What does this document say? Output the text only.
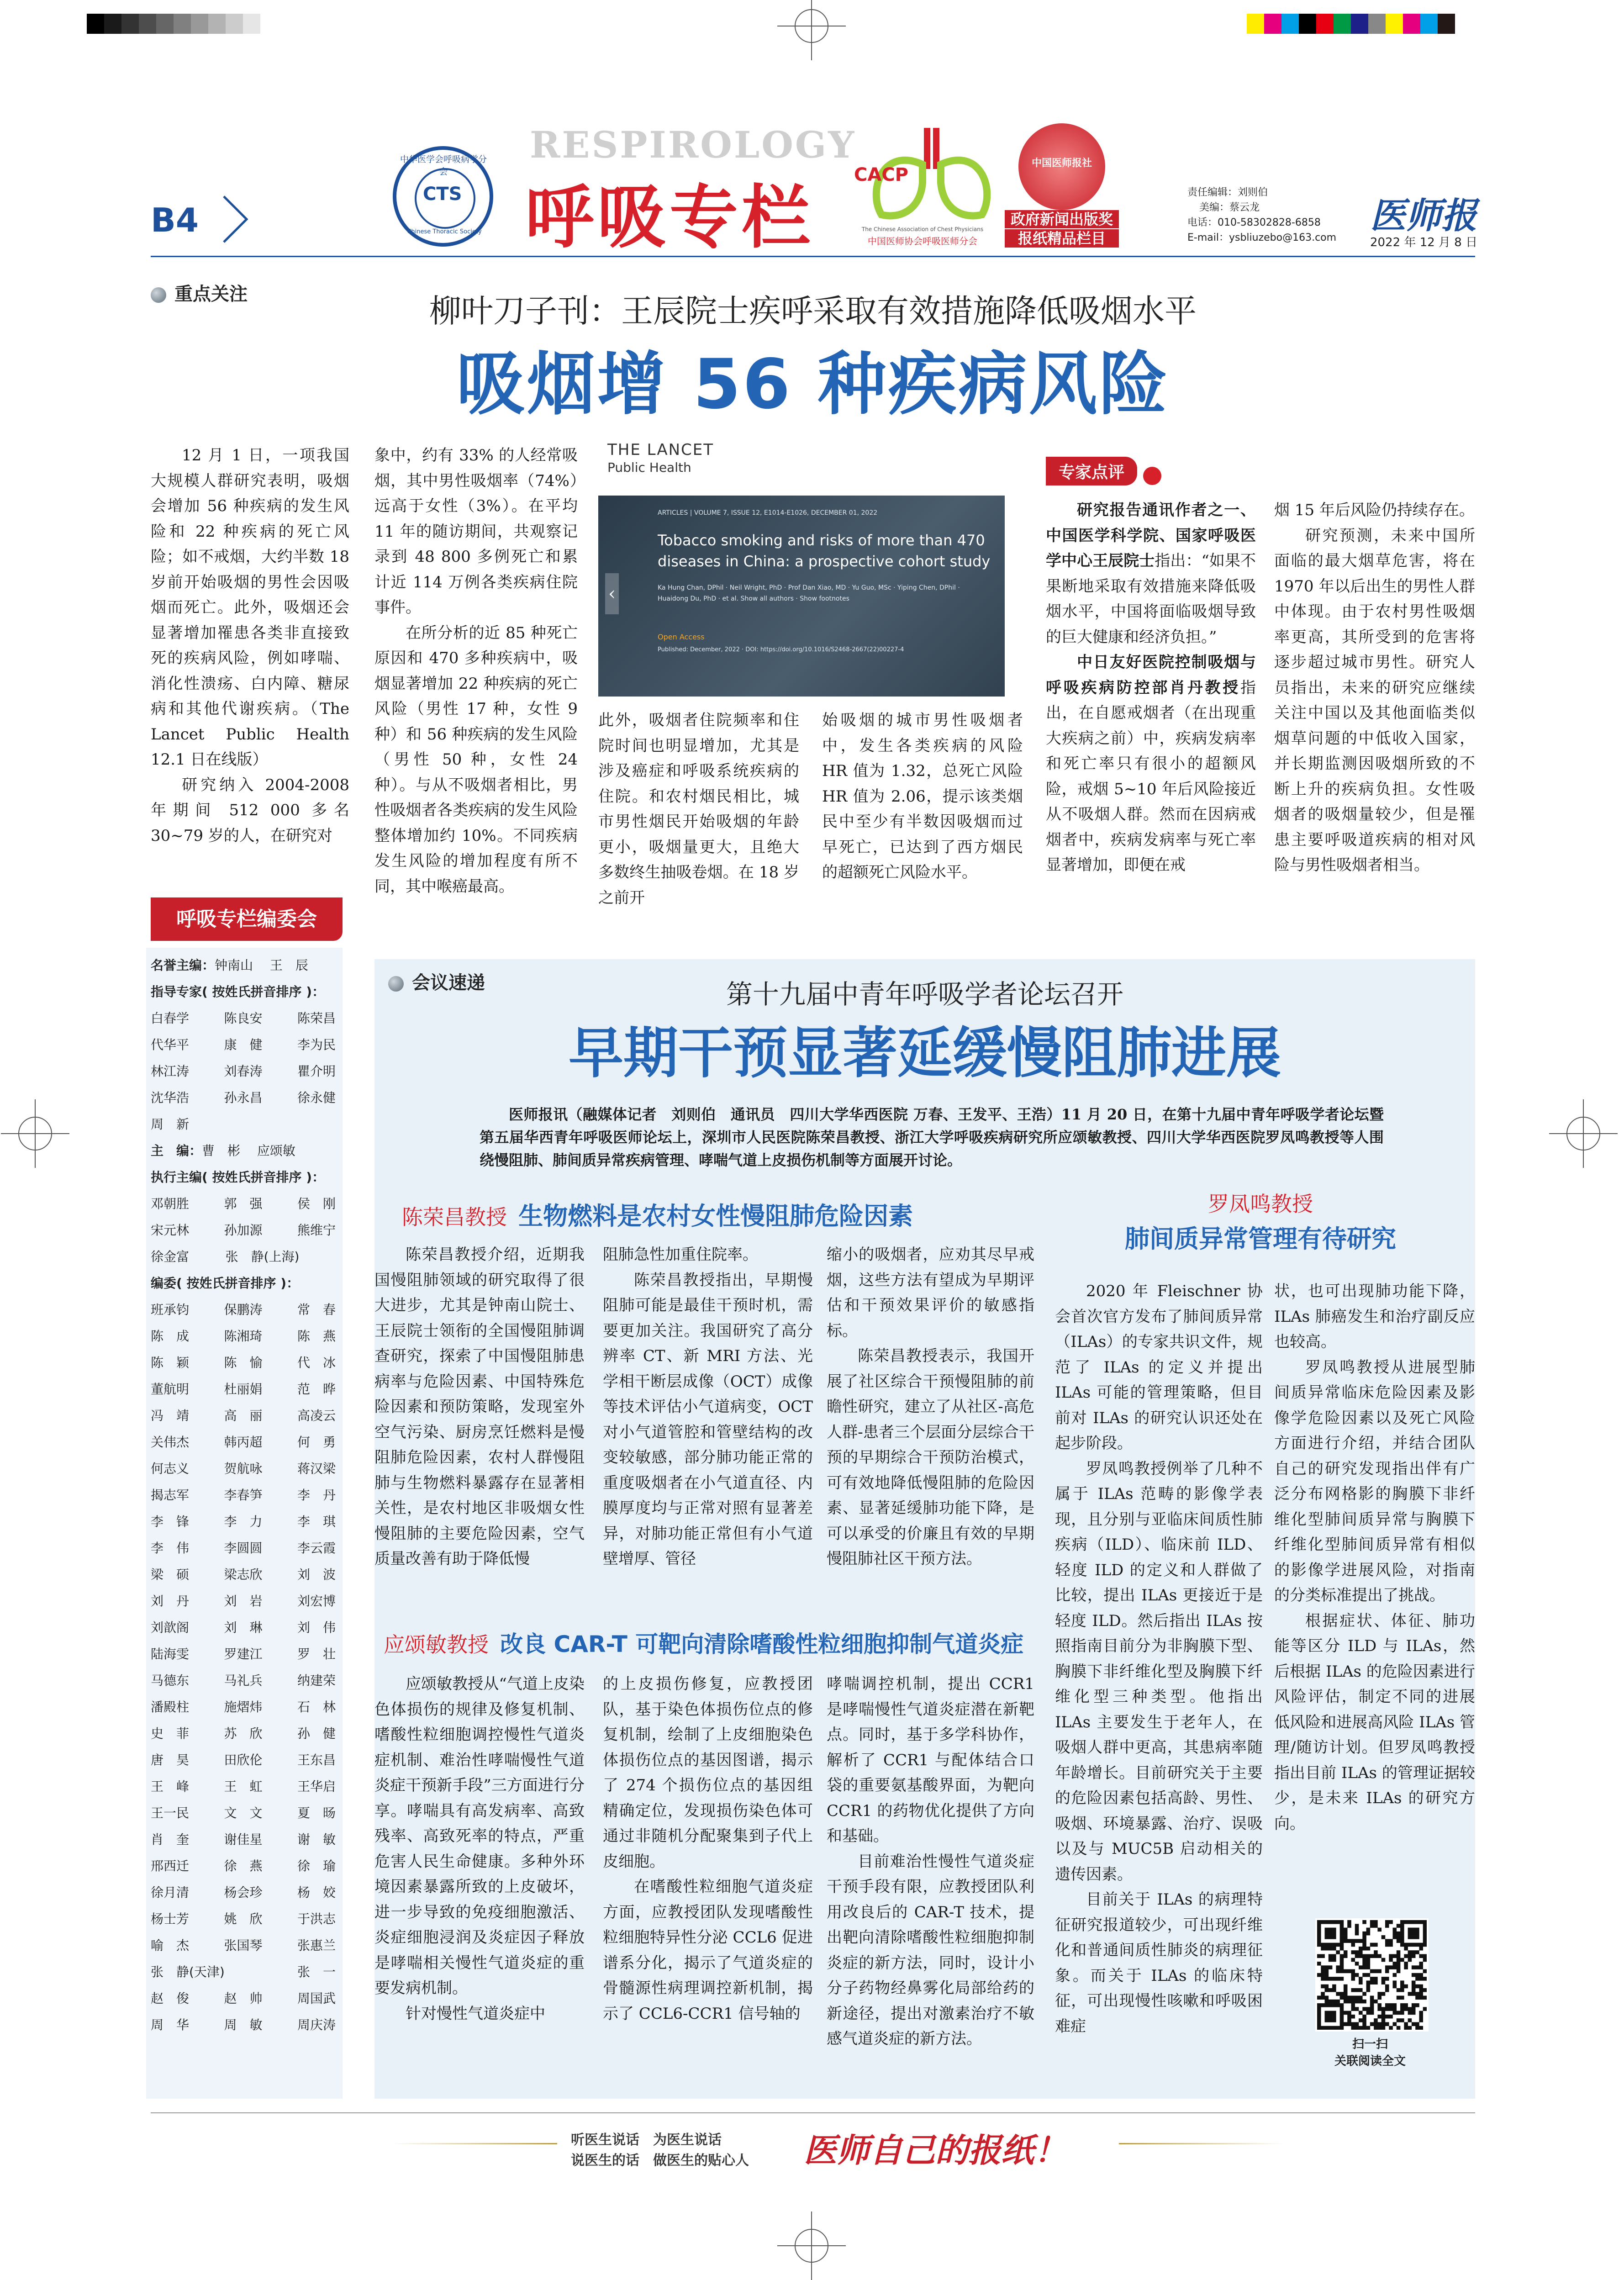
B4
CTS
中华医学会呼吸病学分会
Chinese Thoracic Society
RESPIROLOGY
呼吸专栏
CACP
The Chinese Association of Chest Physicians
中国医师协会呼吸医师分会
中国医师报社
政府新闻出版奖
报纸精品栏目
责任编辑：刘则伯
美编：蔡云龙
电话：010-58302828-6858
E-mail：ysbliuzebo@163.com
医师报
2022 年 12 月 8 日
重点关注	柳叶刀子刊：王辰院士疾呼采取有效措施降低吸烟水平
吸烟增 56 种疾病风险

12 月 1 日，一项我国大规模人群研究表明，吸烟会增加 56 种疾病的发生风险和 22 种疾病的死亡风险；如不戒烟，大约半数 18 岁前开始吸烟的男性会因吸烟而死亡。此外，吸烟还会显著增加罹患各类非直接致死的疾病风险，例如哮喘、消化性溃疡、白内障、糖尿病和其他代谢疾病。（The Lancet Public Health 12.1 日在线版）

研究纳入 2004-2008 年期间 512 000 多名 30~79 岁的人，在研究对

象中，约有 33% 的人经常吸烟，其中男性吸烟率（74%）远高于女性（3%）。在平均 11 年的随访期间，共观察记录到 48 800 多例死亡和累计近 114 万例各类疾病住院事件。

在所分析的近 85 种死亡原因和 470 多种疾病中，吸烟显著增加 22 种疾病的死亡风险（男性 17 种，女性 9 种）和 56 种疾病的发生风险（男性 50 种，女性 24 种）。与从不吸烟者相比，男性吸烟者各类疾病的发生风险整体增加约 10%。不同疾病发生风险的增加程度有所不同，其中喉癌最高。

THE LANCET
Public Health
ARTICLES | VOLUME 7, ISSUE 12, E1014-E1026, DECEMBER 01, 2022
Tobacco smoking and risks of more than 470 diseases in China: a prospective cohort study
Ka Hung Chan, DPhil · Neil Wright, PhD · Prof Dan Xiao, MD · Yu Guo, MSc · Yiping Chen, DPhil · Huaidong Du, PhD · et al. Show all authors · Show footnotes
Open Access
Published: December, 2022 · DOI: https://doi.org/10.1016/S2468-2667(22)00227-4
‹

此外，吸烟者住院频率和住院时间也明显增加，尤其是涉及癌症和呼吸系统疾病的住院。和农村烟民相比，城市男性烟民开始吸烟的年龄更小，吸烟量更大，且绝大多数终生抽吸卷烟。在 18 岁之前开

始吸烟的城市男性吸烟者中，发生各类疾病的风险 HR 值为 1.32，总死亡风险 HR 值为 2.06，提示该类烟民中至少有半数因吸烟而过早死亡，已达到了西方烟民的超额死亡风险水平。

专家点评

研究报告通讯作者之一、中国医学科学院、国家呼吸医学中心王辰院士指出：“如果不果断地采取有效措施来降低吸烟水平，中国将面临吸烟导致的巨大健康和经济负担。”

中日友好医院控制吸烟与呼吸疾病防控部肖丹教授指出，在自愿戒烟者（在出现重大疾病之前）中，疾病发病率和死亡率只有很小的超额风险，戒烟 5~10 年后风险接近从不吸烟人群。然而在因病戒烟者中，疾病发病率与死亡率显著增加，即便在戒

烟 15 年后风险仍持续存在。

研究预测，未来中国所面临的最大烟草危害，将在 1970 年以后出生的男性人群中体现。由于农村男性吸烟率更高，其所受到的危害将逐步超过城市男性。研究人员指出，未来的研究应继续关注中国以及其他面临类似烟草问题的中低收入国家，并长期监测因吸烟所致的不断上升的疾病负担。女性吸烟者的吸烟量较少，但是罹患主要呼吸道疾病的相对风险与男性吸烟者相当。

呼吸专栏编委会
名誉主编：钟南山　 王　辰
指导专家( 按姓氏拼音排序 )：
白春学	陈良安	陈荣昌
代华平	康　健	李为民
林江涛	刘春涛	瞿介明
沈华浩	孙永昌	徐永健
周　新
主　编：曹　彬　 应颂敏
执行主编( 按姓氏拼音排序 )：
邓朝胜	郭　强	侯　刚
宋元林	孙加源	熊维宁
徐金富	张　静(上海)
编委( 按姓氏拼音排序 )：
班承钧	保鹏涛	常　春
陈　成	陈湘琦	陈　燕
陈　颖	陈　愉	代　冰
董航明	杜丽娟	范　晔
冯　靖	高　丽	高凌云
关伟杰	韩丙超	何　勇
何志义	贺航咏	蒋汉梁
揭志军	李春笋	李　丹
李　锋	李　力	李　琪
李　伟	李圆圆	李云霞
梁　硕	梁志欣	刘　波
刘　丹	刘　岩	刘宏博
刘歆阁	刘　琳	刘　伟
陆海雯	罗建江	罗　壮
马德东	马礼兵	纳建荣
潘殿柱	施熠炜	石　林
史　菲	苏　欣	孙　健
唐　昊	田欣伦	王东昌
王　峰	王　虹	王华启
王一民	文　文	夏　旸
肖　奎	谢佳星	谢　敏
邢西迁	徐　燕	徐　瑜
徐月清	杨会珍	杨　姣
杨士芳	姚　欣	于洪志
喻　杰	张国琴	张惠兰
张　静(天津)	张　一
赵　俊	赵　帅	周国武
周　华	周　敏	周庆涛
会议速递	第十九届中青年呼吸学者论坛召开
早期干预显著延缓慢阻肺进展

医师报讯（融媒体记者　刘则伯　通讯员　四川大学华西医院 万春、王发平、王浩）11 月 20 日，在第十九届中青年呼吸学者论坛暨第五届华西青年呼吸医师论坛上，深圳市人民医院陈荣昌教授、浙江大学呼吸疾病研究所应颂敏教授、四川大学华西医院罗凤鸣教授等人围绕慢阻肺、肺间质异常疾病管理、哮喘气道上皮损伤机制等方面展开讨论。

陈荣昌教授 生物燃料是农村女性慢阻肺危险因素

陈荣昌教授介绍，近期我国慢阻肺领域的研究取得了很大进步，尤其是钟南山院士、王辰院士领衔的全国慢阻肺调查研究，探索了中国慢阻肺患病率与危险因素、中国特殊危险因素和预防策略，发现室外空气污染、厨房烹饪燃料是慢阻肺危险因素，农村人群慢阻肺与生物燃料暴露存在显著相关性，是农村地区非吸烟女性慢阻肺的主要危险因素，空气质量改善有助于降低慢

阻肺急性加重住院率。

陈荣昌教授指出，早期慢阻肺可能是最佳干预时机，需要更加关注。我国研究了高分辨率 CT、新 MRI 方法、光学相干断层成像（OCT）成像等技术评估小气道病变，OCT 对小气道管腔和管壁结构的改变较敏感，部分肺功能正常的重度吸烟者在小气道直径、内膜厚度均与正常对照有显著差异，对肺功能正常但有小气道壁增厚、管径

缩小的吸烟者，应劝其尽早戒烟，这些方法有望成为早期评估和干预效果评价的敏感指标。

陈荣昌教授表示，我国开展了社区综合干预慢阻肺的前瞻性研究，建立了从社区-高危人群-患者三个层面分层综合干预的早期综合干预防治模式，可有效地降低慢阻肺的危险因素、显著延缓肺功能下降，是可以承受的价廉且有效的早期慢阻肺社区干预方法。

应颂敏教授 改良 CAR-T 可靶向清除嗜酸性粒细胞抑制气道炎症

应颂敏教授从“气道上皮染色体损伤的规律及修复机制、嗜酸性粒细胞调控慢性气道炎症机制、难治性哮喘慢性气道炎症干预新手段”三方面进行分享。哮喘具有高发病率、高致残率、高致死率的特点，严重危害人民生命健康。多种外环境因素暴露所致的上皮破坏，进一步导致的免疫细胞激活、炎症细胞浸润及炎症因子释放是哮喘相关慢性气道炎症的重要发病机制。

针对慢性气道炎症中

的上皮损伤修复，应教授团队，基于染色体损伤位点的修复机制，绘制了上皮细胞染色体损伤位点的基因图谱，揭示了 274 个损伤位点的基因组精确定位，发现损伤染色体可通过非随机分配聚集到子代上皮细胞。

在嗜酸性粒细胞气道炎症方面，应教授团队发现嗜酸性粒细胞特异性分泌 CCL6 促进谱系分化，揭示了气道炎症的骨髓源性病理调控新机制，揭示了 CCL6-CCR1 信号轴的

哮喘调控机制，提出 CCR1 是哮喘慢性气道炎症潜在新靶点。同时，基于多学科协作，解析了 CCR1 与配体结合口袋的重要氨基酸界面，为靶向 CCR1 的药物优化提供了方向和基础。

目前难治性慢性气道炎症干预手段有限，应教授团队利用改良后的 CAR-T 技术，提出靶向清除嗜酸性粒细胞抑制炎症的新方法，同时，设计小分子药物经鼻雾化局部给药的新途径，提出对激素治疗不敏感气道炎症的新方法。

罗凤鸣教授
肺间质异常管理有待研究

2020 年 Fleischner 协会首次官方发布了肺间质异常（ILAs）的专家共识文件，规范了 ILAs 的定义并提出 ILAs 可能的管理策略，但目前对 ILAs 的研究认识还处在起步阶段。

罗凤鸣教授例举了几种不属于 ILAs 范畴的影像学表现，且分别与亚临床间质性肺疾病（ILD）、临床前 ILD、轻度 ILD 的定义和人群做了比较，提出 ILAs 更接近于是轻度 ILD。然后指出 ILAs 按照指南目前分为非胸膜下型、胸膜下非纤维化型及胸膜下纤维化型三种类型。他指出 ILAs 主要发生于老年人，在吸烟人群中更高，其患病率随年龄增长。目前研究关于主要的危险因素包括高龄、男性、吸烟、环境暴露、治疗、误吸以及与 MUC5B 启动相关的遗传因素。

目前关于 ILAs 的病理特征研究报道较少，可出现纤维化和普通间质性肺炎的病理征象。而关于 ILAs 的临床特征，可出现慢性咳嗽和呼吸困难症

状，也可出现肺功能下降，ILAs 肺癌发生和治疗副反应也较高。

罗凤鸣教授从进展型肺间质异常临床危险因素及影像学危险因素以及死亡风险方面进行介绍，并结合团队自己的研究发现指出伴有广泛分布网格影的胸膜下非纤维化型肺间质异常与胸膜下纤维化型肺间质异常有相似的影像学进展风险，对指南的分类标准提出了挑战。

根据症状、体征、肺功能等区分 ILD 与 ILAs，然后根据 ILAs 的危险因素进行风险评估，制定不同的进展低风险和进展高风险 ILAs 管理/随访计划。但罗凤鸣教授指出目前 ILAs 的管理证据较少，是未来 ILAs 的研究方向。

扫一扫
关联阅读全文
听医生说话　为医生说话
说医生的话　做医生的贴心人 医师自己的报纸！
